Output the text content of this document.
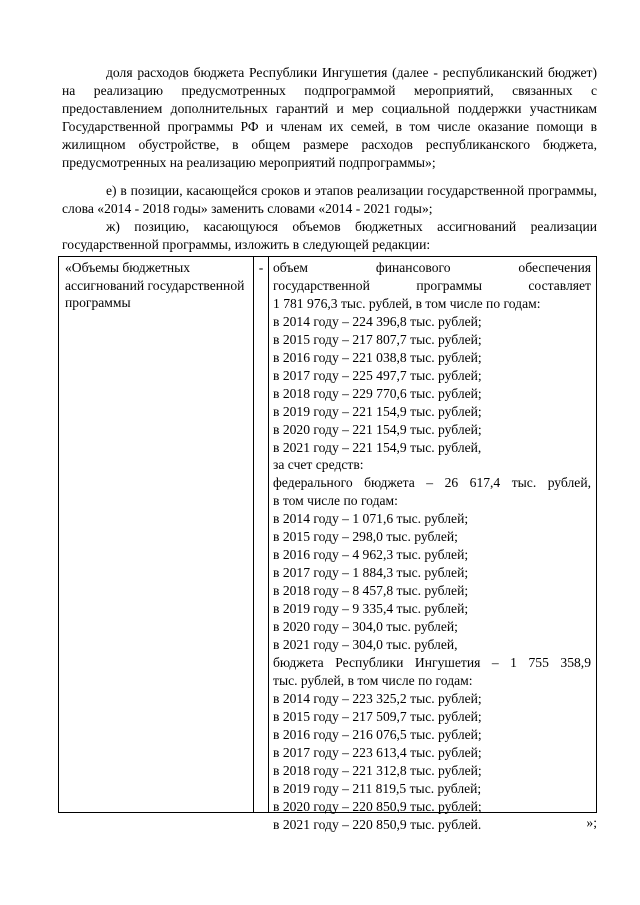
доля расходов бюджета Республики Ингушетия (далее - республиканский бюджет) на реализацию предусмотренных подпрограммой мероприятий, связанных с предоставлением дополнительных гарантий и мер социальной поддержки участникам Государственной программы РФ и членам их семей, в том числе оказание помощи в жилищном обустройстве, в общем размере расходов республиканского бюджета, предусмотренных на реализацию мероприятий подпрограммы»;

е) в позиции, касающейся сроков и этапов реализации государственной программы, слова «2014 - 2018 годы» заменить словами «2014 - 2021 годы»;

ж) позицию, касающуюся объемов бюджетных ассигнований реализации государственной программы, изложить в следующей редакции:

«Объемы бюджетных ассигнований государственной программы
- объем финансового обеспечения
государственной программы составляет
1 781 976,3 тыс. рублей, в том числе по годам:
в 2014 году – 224 396,8 тыс. рублей;
в 2015 году – 217 807,7 тыс. рублей;
в 2016 году – 221 038,8 тыс. рублей;
в 2017 году – 225 497,7 тыс. рублей;
в 2018 году – 229 770,6 тыс. рублей;
в 2019 году – 221 154,9 тыс. рублей;
в 2020 году – 221 154,9 тыс. рублей;
в 2021 году – 221 154,9 тыс. рублей,
за счет средств:
федерального бюджета – 26 617,4 тыс. рублей,
в том числе по годам:
в 2014 году – 1 071,6 тыс. рублей;
в 2015 году – 298,0 тыс. рублей;
в 2016 году – 4 962,3 тыс. рублей;
в 2017 году – 1 884,3 тыс. рублей;
в 2018 году – 8 457,8 тыс. рублей;
в 2019 году – 9 335,4 тыс. рублей;
в 2020 году – 304,0 тыс. рублей;
в 2021 году – 304,0 тыс. рублей,
бюджета Республики Ингушетия – 1 755 358,9
тыс. рублей, в том числе по годам:
в 2014 году – 223 325,2 тыс. рублей;
в 2015 году – 217 509,7 тыс. рублей;
в 2016 году – 216 076,5 тыс. рублей;
в 2017 году – 223 613,4 тыс. рублей;
в 2018 году – 221 312,8 тыс. рублей;
в 2019 году – 211 819,5 тыс. рублей;
в 2020 году – 220 850,9 тыс. рублей;
в 2021 году – 220 850,9 тыс. рублей.	»;
